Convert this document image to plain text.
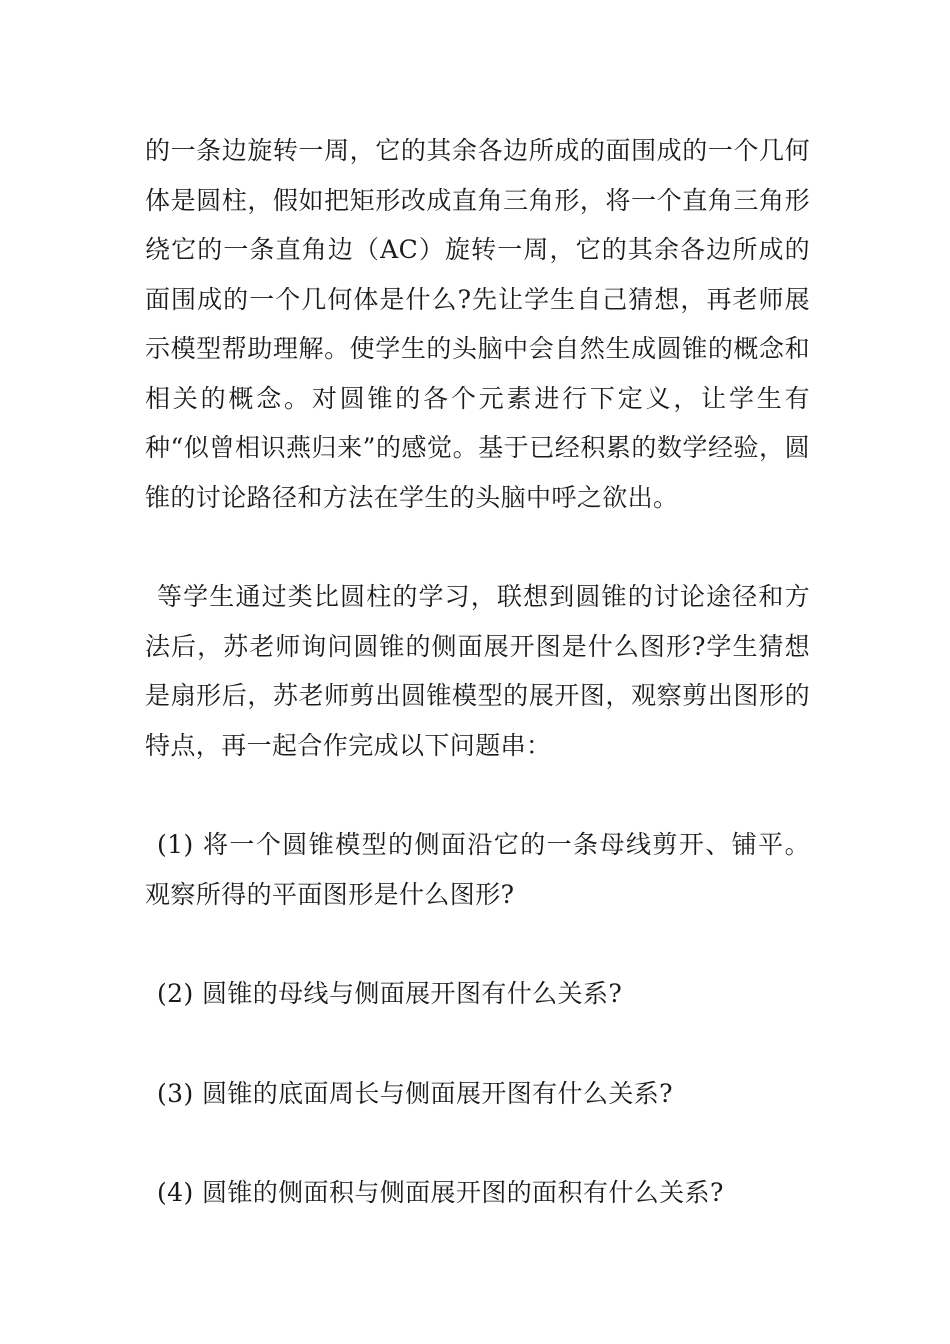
的一条边旋转一周，它的其余各边所成的面围成的一个几何体是圆柱，假如把矩形改成直角三角形，将一个直角三角形绕它的一条直角边（AC）旋转一周，它的其余各边所成的面围成的一个几何体是什么?先让学生自己猜想，再老师展示模型帮助理解。使学生的头脑中会自然生成圆锥的概念和相关的概念。对圆锥的各个元素进行下定义，让学生有种“似曾相识燕归来”的感觉。基于已经积累的数学经验，圆锥的讨论路径和方法在学生的头脑中呼之欲出。

等学生通过类比圆柱的学习，联想到圆锥的讨论途径和方法后，苏老师询问圆锥的侧面展开图是什么图形?学生猜想是扇形后，苏老师剪出圆锥模型的展开图，观察剪出图形的特点，再一起合作完成以下问题串：

(1) 将一个圆锥模型的侧面沿它的一条母线剪开、铺平。观察所得的平面图形是什么图形?

(2) 圆锥的母线与侧面展开图有什么关系?

(3) 圆锥的底面周长与侧面展开图有什么关系?

(4) 圆锥的侧面积与侧面展开图的面积有什么关系?
